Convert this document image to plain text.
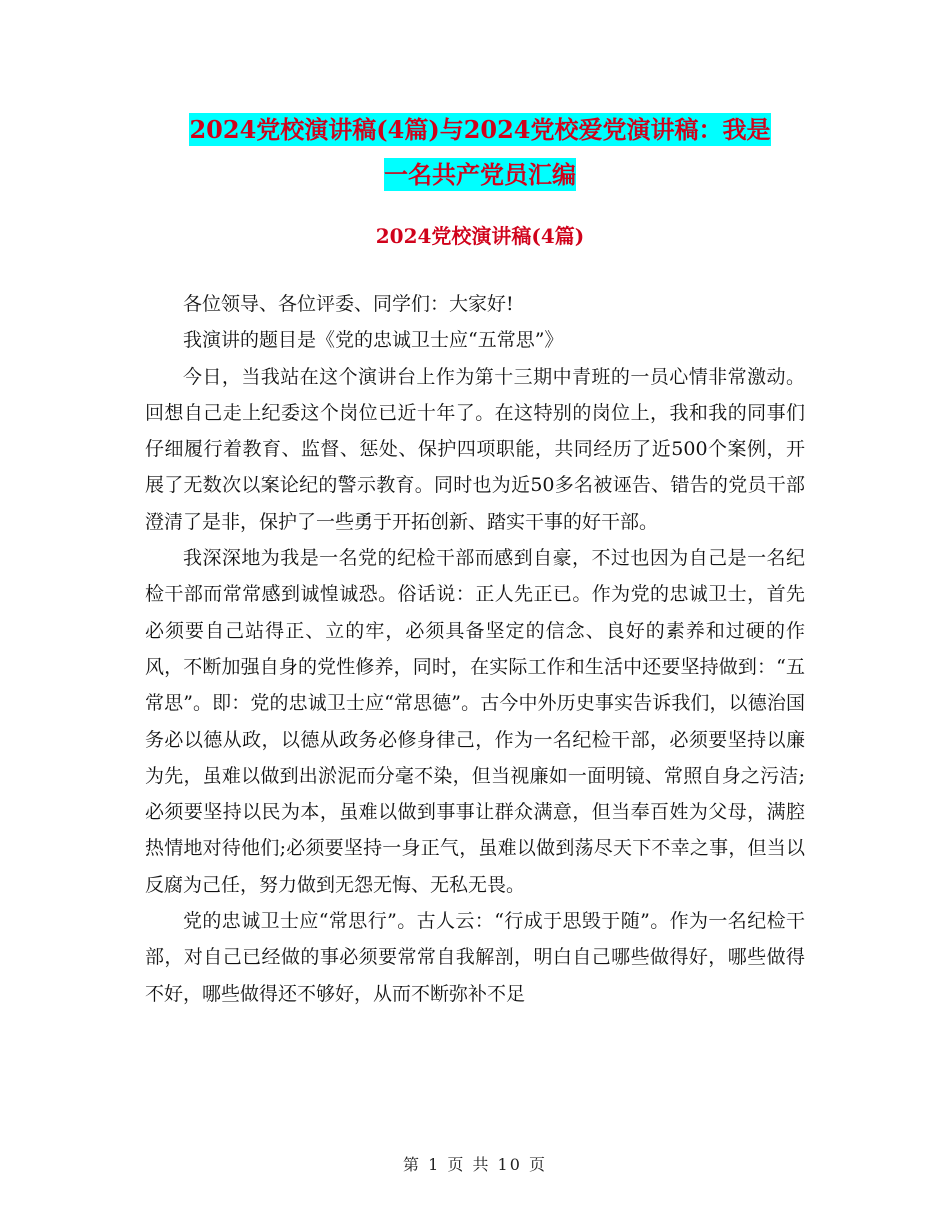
2024党校演讲稿(4篇)与2024党校爱党演讲稿：我是
一名共产党员汇编
2024党校演讲稿(4篇)

各位领导、各位评委、同学们：大家好!

我演讲的题目是《党的忠诚卫士应“五常思”》

今日，当我站在这个演讲台上作为第十三期中青班的一员心情非常激动。回想自己走上纪委这个岗位已近十年了。在这特别的岗位上，我和我的同事们仔细履行着教育、监督、惩处、保护四项职能，共同经历了近500个案例，开展了无数次以案论纪的警示教育。同时也为近50多名被诬告、错告的党员干部澄清了是非，保护了一些勇于开拓创新、踏实干事的好干部。

我深深地为我是一名党的纪检干部而感到自豪，不过也因为自己是一名纪检干部而常常感到诚惶诚恐。俗话说：正人先正已。作为党的忠诚卫士，首先必须要自己站得正、立的牢，必须具备坚定的信念、良好的素养和过硬的作风，不断加强自身的党性修养，同时，在实际工作和生活中还要坚持做到：“五常思”。即：党的忠诚卫士应“常思德”。古今中外历史事实告诉我们，以德治国务必以德从政，以德从政务必修身律己，作为一名纪检干部，必须要坚持以廉为先，虽难以做到出淤泥而分毫不染，但当视廉如一面明镜、常照自身之污洁;必须要坚持以民为本，虽难以做到事事让群众满意，但当奉百姓为父母，满腔热情地对待他们;必须要坚持一身正气，虽难以做到荡尽天下不幸之事，但当以反腐为己任，努力做到无怨无悔、无私无畏。

党的忠诚卫士应“常思行”。古人云：“行成于思毁于随”。作为一名纪检干部，对自己已经做的事必须要常常自我解剖，明白自己哪些做得好，哪些做得不好，哪些做得还不够好，从而不断弥补不足

第 1 页 共 10 页
